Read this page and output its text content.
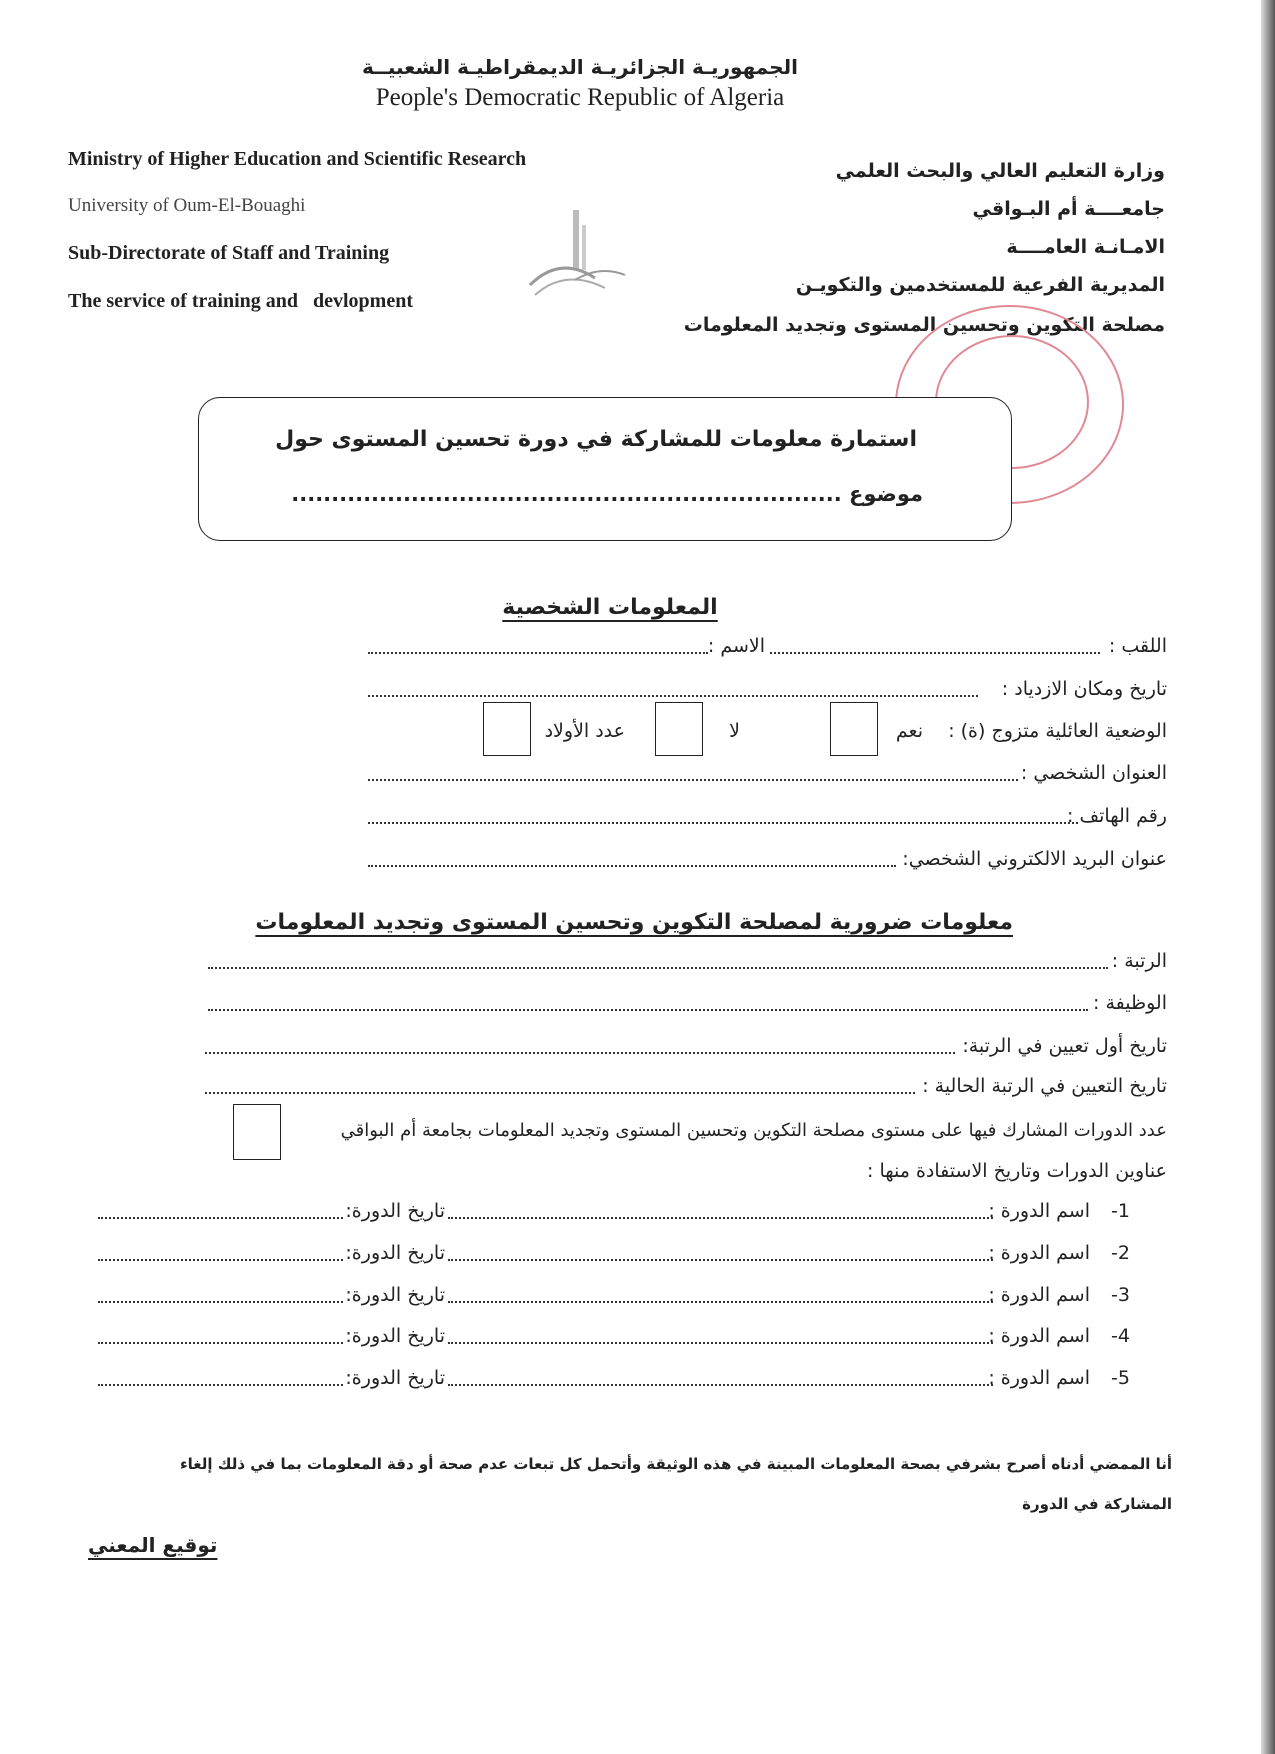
الجمهوريـة الجزائريـة الديمقراطيـة الشعبيــة
People's Democratic Republic of Algeria
Ministry of Higher Education and Scientific Research
University of Oum-El-Bouaghi
Sub-Directorate of Staff and Training
The service of training and   devlopment
وزارة التعليم العالي والبحث العلمي
جامعــــة أم البـواقي
الامـانـة العامــــة
المديرية الفرعية للمستخدمين والتكويـن
مصلحة التكوين وتحسين المستوى وتجديد المعلومات
استمارة معلومات للمشاركة في دورة تحسين المستوى حول
موضوع .....................................................................
المعلومات الشخصية
اللقب :
الاسم :
تاريخ ومكان الازدياد :
الوضعية العائلية متزوج (ة) :
نعم
لا
عدد الأولاد
العنوان الشخصي :
رقم الهاتف :
عنوان البريد الالكتروني الشخصي:
معلومات ضرورية لمصلحة التكوين وتحسين المستوى وتجديد المعلومات
الرتبة :
الوظيفة :
تاريخ أول تعيين في الرتبة:
تاريخ التعيين في الرتبة الحالية :
عدد الدورات المشارك فيها على مستوى مصلحة التكوين وتحسين المستوى وتجديد المعلومات بجامعة أم البواقي
عناوين الدورات وتاريخ الاستفادة منها :
1-
اسم الدورة :
تاريخ الدورة:
2-
اسم الدورة :
تاريخ الدورة:
3-
اسم الدورة :
تاريخ الدورة:
4-
اسم الدورة :
تاريخ الدورة:
5-
اسم الدورة :
تاريخ الدورة:
أنا الممضي أدناه أصرح بشرفي بصحة المعلومات المبينة في هذه الوثيقة وأتحمل كل تبعات عدم صحة أو دقة المعلومات بما في ذلك إلغاء
المشاركة في الدورة
توقيع المعني
